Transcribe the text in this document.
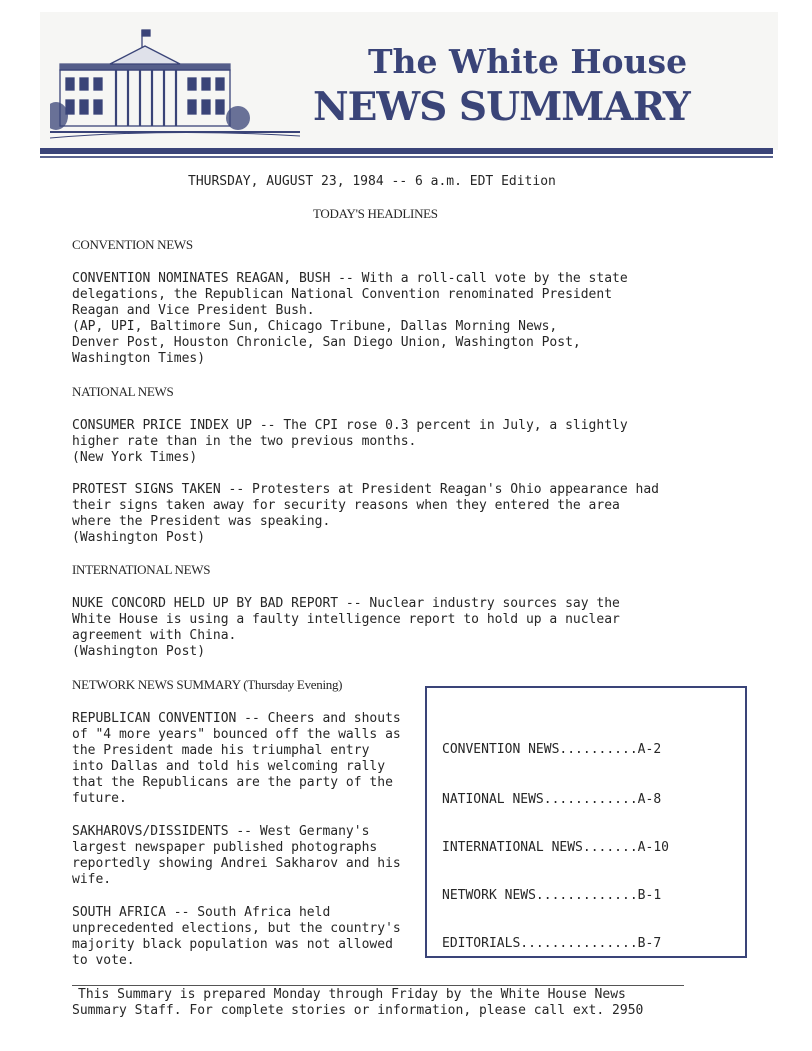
The White House
NEWS SUMMARY
THURSDAY, AUGUST 23, 1984 -- 6 a.m. EDT Edition
TODAY'S HEADLINES
CONVENTION NEWS
CONVENTION NOMINATES REAGAN, BUSH -- With a roll-call vote by the state
delegations, the Republican National Convention renominated President
Reagan and Vice President Bush.
(AP, UPI, Baltimore Sun, Chicago Tribune, Dallas Morning News,
Denver Post, Houston Chronicle, San Diego Union, Washington Post,
Washington Times)
NATIONAL NEWS
CONSUMER PRICE INDEX UP -- The CPI rose 0.3 percent in July, a slightly
higher rate than in the two previous months.
(New York Times)
PROTEST SIGNS TAKEN -- Protesters at President Reagan's Ohio appearance had
their signs taken away for security reasons when they entered the area
where the President was speaking.
(Washington Post)
INTERNATIONAL NEWS
NUKE CONCORD HELD UP BY BAD REPORT -- Nuclear industry sources say the
White House is using a faulty intelligence report to hold up a nuclear
agreement with China.
(Washington Post)
NETWORK NEWS SUMMARY (Thursday Evening)
REPUBLICAN CONVENTION -- Cheers and shouts
of "4 more years" bounced off the walls as
the President made his triumphal entry
into Dallas and told his welcoming rally
that the Republicans are the party of the
future.
SAKHAROVS/DISSIDENTS -- West Germany's
largest newspaper published photographs
reportedly showing Andrei Sakharov and his
wife.
SOUTH AFRICA -- South Africa held
unprecedented elections, but the country's
majority black population was not allowed
to vote.
CONVENTION NEWS..........A-2
NATIONAL NEWS............A-8
INTERNATIONAL NEWS.......A-10
NETWORK NEWS.............B-1
EDITORIALS...............B-7
This Summary is prepared Monday through Friday by the White House News
Summary Staff. For complete stories or information, please call ext. 2950
